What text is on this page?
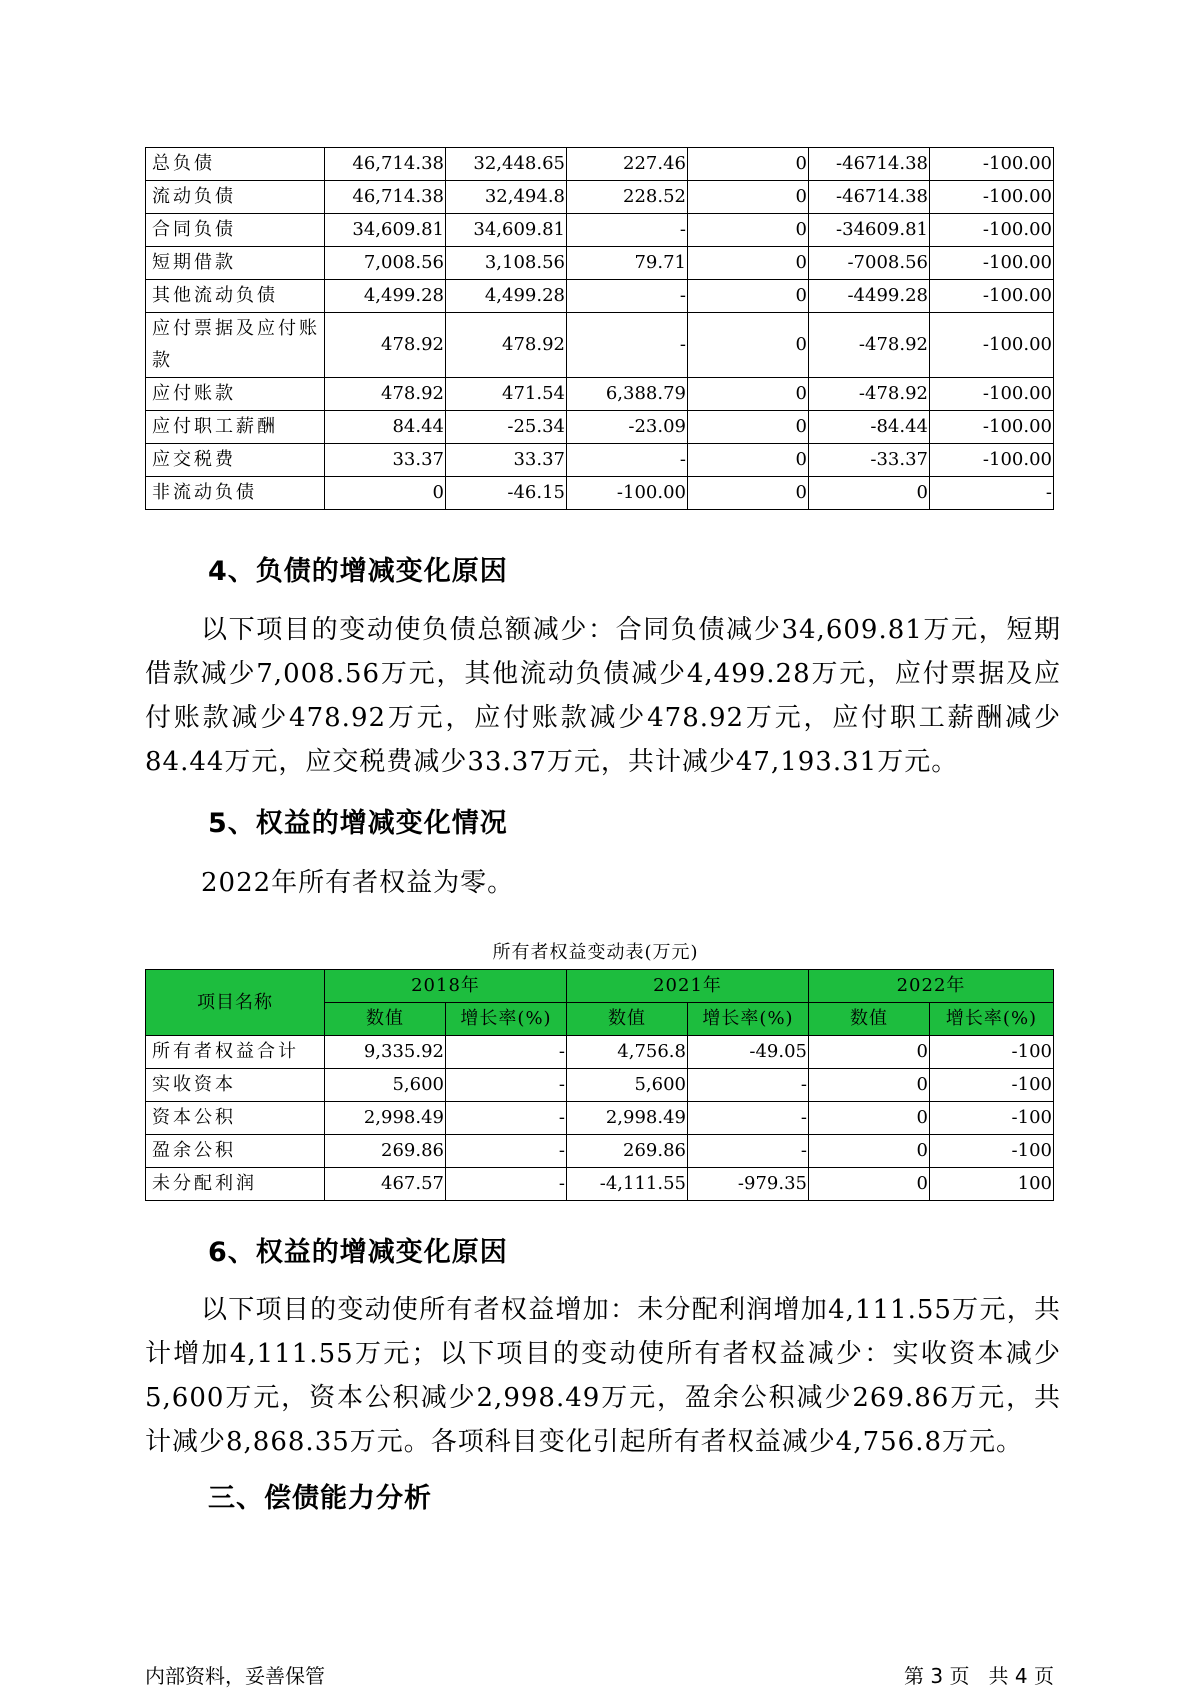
总负债	46,714.38	32,448.65	227.46	0	-46714.38	-100.00
流动负债	46,714.38	32,494.8	228.52	0	-46714.38	-100.00
合同负债	34,609.81	34,609.81	-	0	-34609.81	-100.00
短期借款	7,008.56	3,108.56	79.71	0	-7008.56	-100.00
其他流动负债	4,499.28	4,499.28	-	0	-4499.28	-100.00
应付票据及应付账款	478.92	478.92	-	0	-478.92	-100.00
应付账款	478.92	471.54	6,388.79	0	-478.92	-100.00
应付职工薪酬	84.44	-25.34	-23.09	0	-84.44	-100.00
应交税费	33.37	33.37	-	0	-33.37	-100.00
非流动负债	0	-46.15	-100.00	0	0	-
4、负债的增减变化原因

以下项目的变动使负债总额减少：合同负债减少34,609.81万元，短期借款减少7,008.56万元，其他流动负债减少4,499.28万元，应付票据及应付账款减少478.92万元，应付账款减少478.92万元，应付职工薪酬减少84.44万元，应交税费减少33.37万元，共计减少47,193.31万元。

5、权益的增减变化情况

2022年所有者权益为零。

所有者权益变动表(万元)
项目名称	2018年		2021年		2022年	
	数值	增长率(%)	数值	增长率(%)	数值	增长率(%)
所有者权益合计	9,335.92	-	4,756.8	-49.05	0	-100
实收资本	5,600	-	5,600	-	0	-100
资本公积	2,998.49	-	2,998.49	-	0	-100
盈余公积	269.86	-	269.86	-	0	-100
未分配利润	467.57	-	-4,111.55	-979.35	0	100
6、权益的增减变化原因

以下项目的变动使所有者权益增加：未分配利润增加4,111.55万元，共计增加4,111.55万元；以下项目的变动使所有者权益减少：实收资本减少5,600万元，资本公积减少2,998.49万元，盈余公积减少269.86万元，共计减少8,868.35万元。各项科目变化引起所有者权益减少4,756.8万元。

三、偿债能力分析
内部资料，妥善保管	第 3 页   共 4 页
